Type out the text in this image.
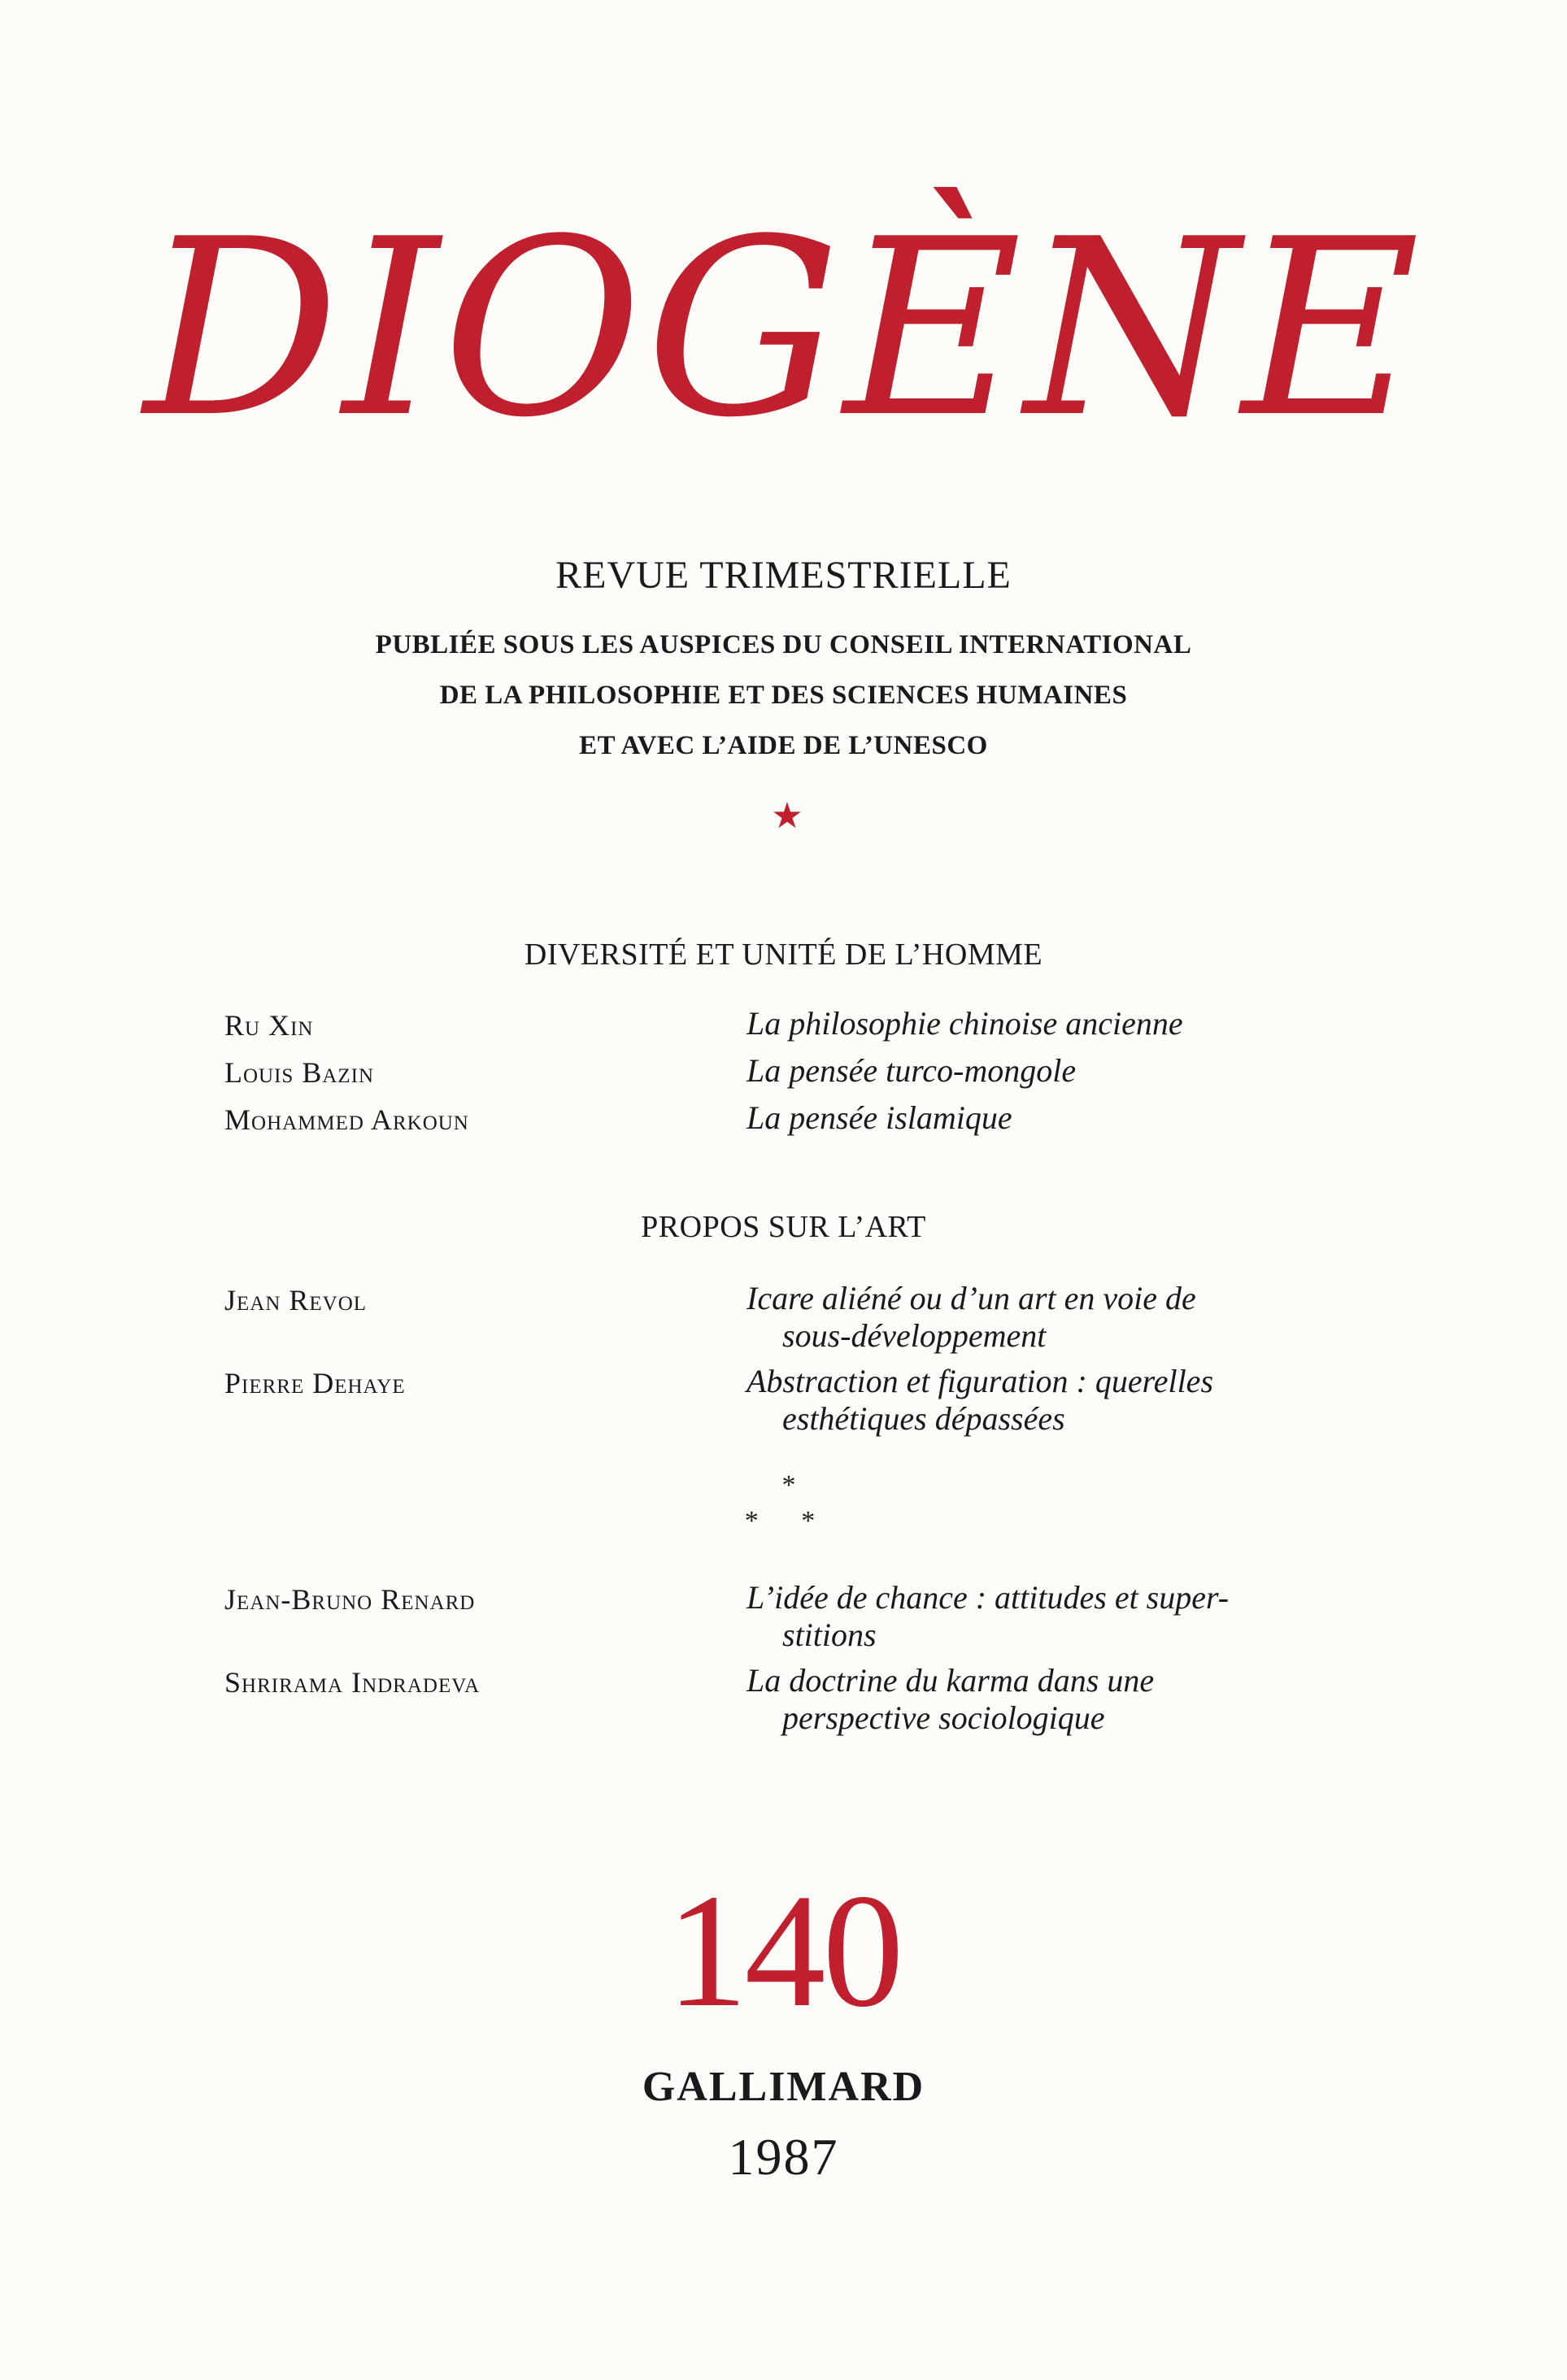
DIOGÈNE
REVUE TRIMESTRIELLE
PUBLIÉE SOUS LES AUSPICES DU CONSEIL INTERNATIONAL
DE LA PHILOSOPHIE ET DES SCIENCES HUMAINES
ET AVEC L’AIDE DE L’UNESCO
★
DIVERSITÉ ET UNITÉ DE L’HOMME
Ru Xin	La philosophie chinoise ancienne
Louis Bazin	La pensée turco-mongole
Mohammed Arkoun	La pensée islamique
PROPOS SUR L’ART
Jean Revol	Icare aliéné ou d’un art en voie de
sous-développement
Pierre Dehaye	Abstraction et figuration : querelles
esthétiques dépassées
*
* *
Jean-Bruno Renard	L’idée de chance : attitudes et super-
stitions
Shrirama Indradeva	La doctrine du karma dans une
perspective sociologique
140
GALLIMARD
1987
